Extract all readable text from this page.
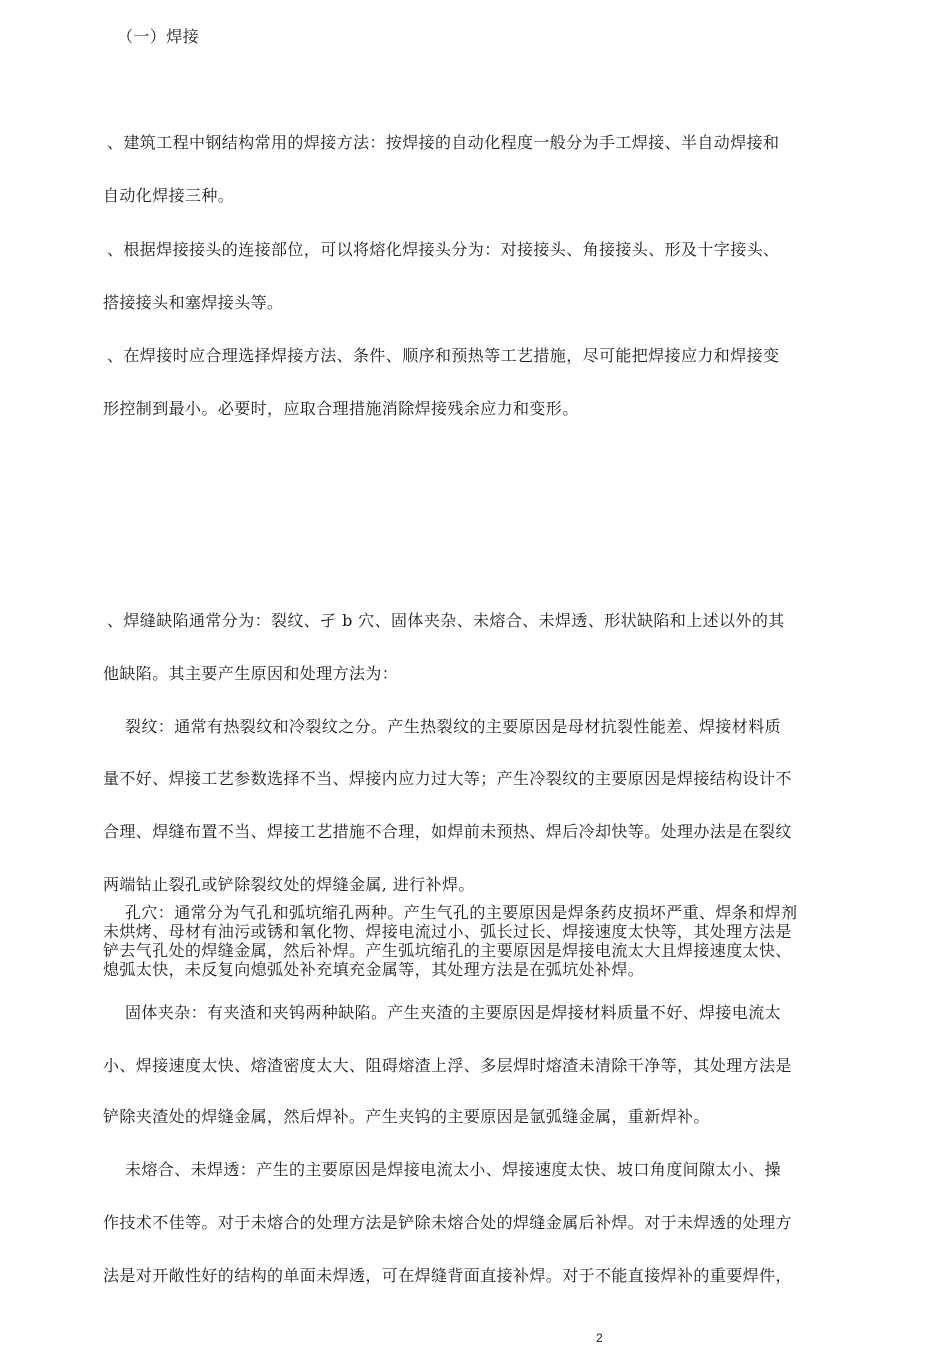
（一）焊接
、建筑工程中钢结构常用的焊接方法：按焊接的自动化程度一般分为手工焊接、半自动焊接和
自动化焊接三种。
、根据焊接接头的连接部位，可以将熔化焊接头分为：对接接头、角接接头、形及十字接头、
搭接接头和塞焊接头等。
、在焊接时应合理选择焊接方法、条件、顺序和预热等工艺措施，尽可能把焊接应力和焊接变
形控制到最小。必要时，应取合理措施消除焊接残余应力和变形。
、焊缝缺陷通常分为：裂纹、孑 b 穴、固体夹杂、未熔合、未焊透、形状缺陷和上述以外的其
他缺陷。其主要产生原因和处理方法为：
裂纹：通常有热裂纹和冷裂纹之分。产生热裂纹的主要原因是母材抗裂性能差、焊接材料质
量不好、焊接工艺参数选择不当、焊接内应力过大等；产生冷裂纹的主要原因是焊接结构设计不
合理、焊缝布置不当、焊接工艺措施不合理，如焊前未预热、焊后冷却快等。处理办法是在裂纹
两端钻止裂孔或铲除裂纹处的焊缝金属, 进行补焊。

孔穴：通常分为气孔和弧坑缩孔两种。产生气孔的主要原因是焊条药皮损坏严重、焊条和焊剂

未烘烤、母材有油污或锈和氧化物、焊接电流过小、弧长过长、焊接速度太快等，其处理方法是

铲去气孔处的焊缝金属，然后补焊。产生弧坑缩孔的主要原因是焊接电流太大且焊接速度太快、

熄弧太快，未反复向熄弧处补充填充金属等，其处理方法是在弧坑处补焊。

固体夹杂：有夹渣和夹钨两种缺陷。产生夹渣的主要原因是焊接材料质量不好、焊接电流太
小、焊接速度太快、熔渣密度太大、阻碍熔渣上浮、多层焊时熔渣未清除干净等，其处理方法是
铲除夹渣处的焊缝金属，然后焊补。产生夹钨的主要原因是氩弧缝金属，重新焊补。
未熔合、未焊透：产生的主要原因是焊接电流太小、焊接速度太快、坡口角度间隙太小、操
作技术不佳等。对于未熔合的处理方法是铲除未熔合处的焊缝金属后补焊。对于未焊透的处理方
法是对开敞性好的结构的单面未焊透，可在焊缝背面直接补焊。对于不能直接焊补的重要焊件，
2
